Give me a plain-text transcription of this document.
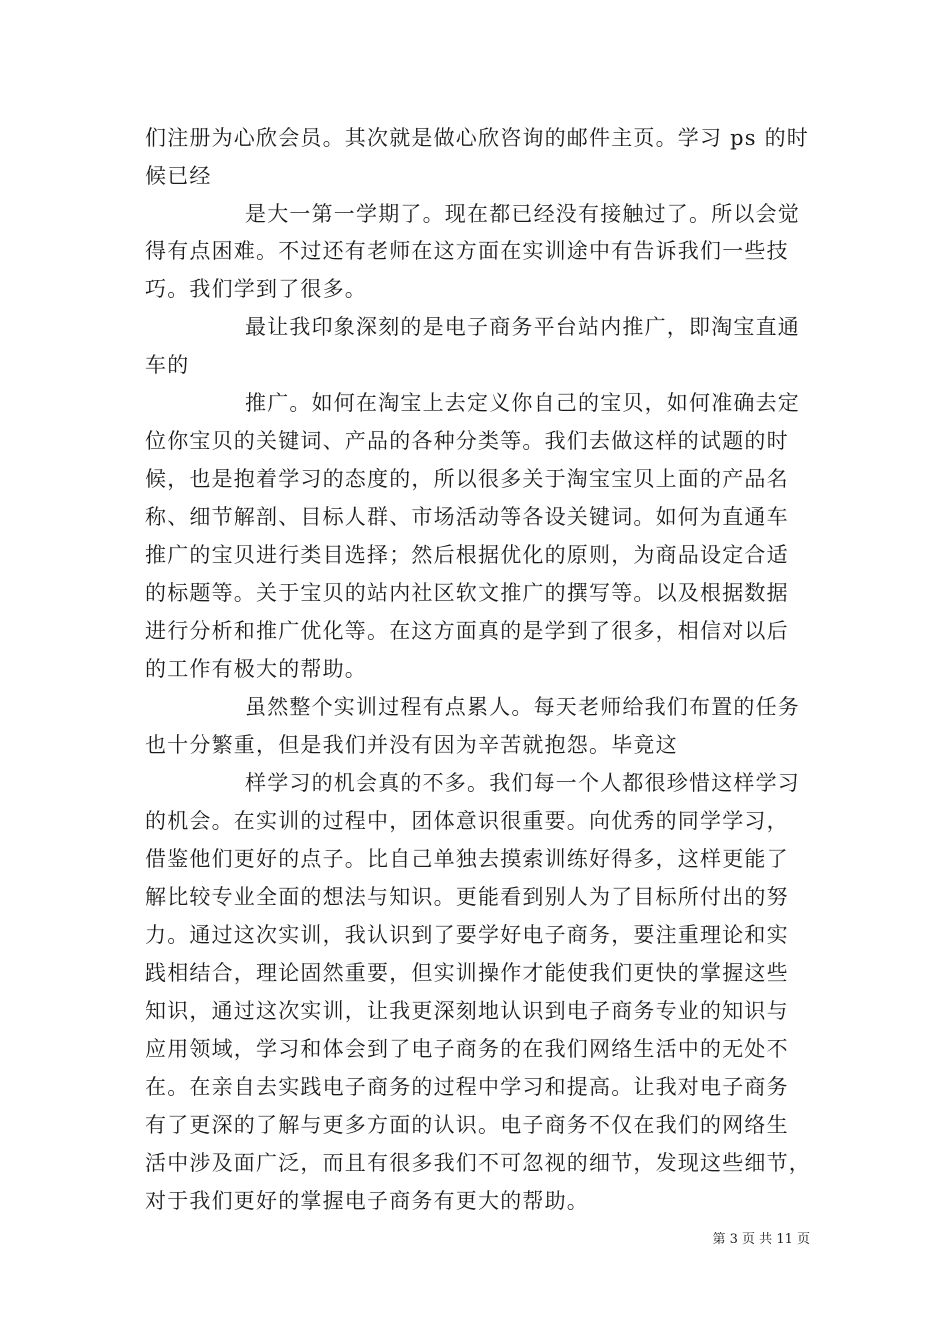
们注册为心欣会员。其次就是做心欣咨询的邮件主页。学习 ps 的时
候已经
是大一第一学期了。现在都已经没有接触过了。所以会觉
得有点困难。不过还有老师在这方面在实训途中有告诉我们一些技
巧。我们学到了很多。
最让我印象深刻的是电子商务平台站内推广，即淘宝直通
车的
推广。如何在淘宝上去定义你自己的宝贝，如何准确去定
位你宝贝的关键词、产品的各种分类等。我们去做这样的试题的时
候，也是抱着学习的态度的，所以很多关于淘宝宝贝上面的产品名
称、细节解剖、目标人群、市场活动等各设关键词。如何为直通车
推广的宝贝进行类目选择；然后根据优化的原则，为商品设定合适
的标题等。关于宝贝的站内社区软文推广的撰写等。以及根据数据
进行分析和推广优化等。在这方面真的是学到了很多，相信对以后
的工作有极大的帮助。
虽然整个实训过程有点累人。每天老师给我们布置的任务
也十分繁重，但是我们并没有因为辛苦就抱怨。毕竟这
样学习的机会真的不多。我们每一个人都很珍惜这样学习
的机会。在实训的过程中，团体意识很重要。向优秀的同学学习，
借鉴他们更好的点子。比自己单独去摸索训练好得多，这样更能了
解比较专业全面的想法与知识。更能看到别人为了目标所付出的努
力。通过这次实训，我认识到了要学好电子商务，要注重理论和实
践相结合，理论固然重要，但实训操作才能使我们更快的掌握这些
知识，通过这次实训，让我更深刻地认识到电子商务专业的知识与
应用领域，学习和体会到了电子商务的在我们网络生活中的无处不
在。在亲自去实践电子商务的过程中学习和提高。让我对电子商务
有了更深的了解与更多方面的认识。电子商务不仅在我们的网络生
活中涉及面广泛，而且有很多我们不可忽视的细节，发现这些细节，
对于我们更好的掌握电子商务有更大的帮助。
第 3 页 共 11 页
